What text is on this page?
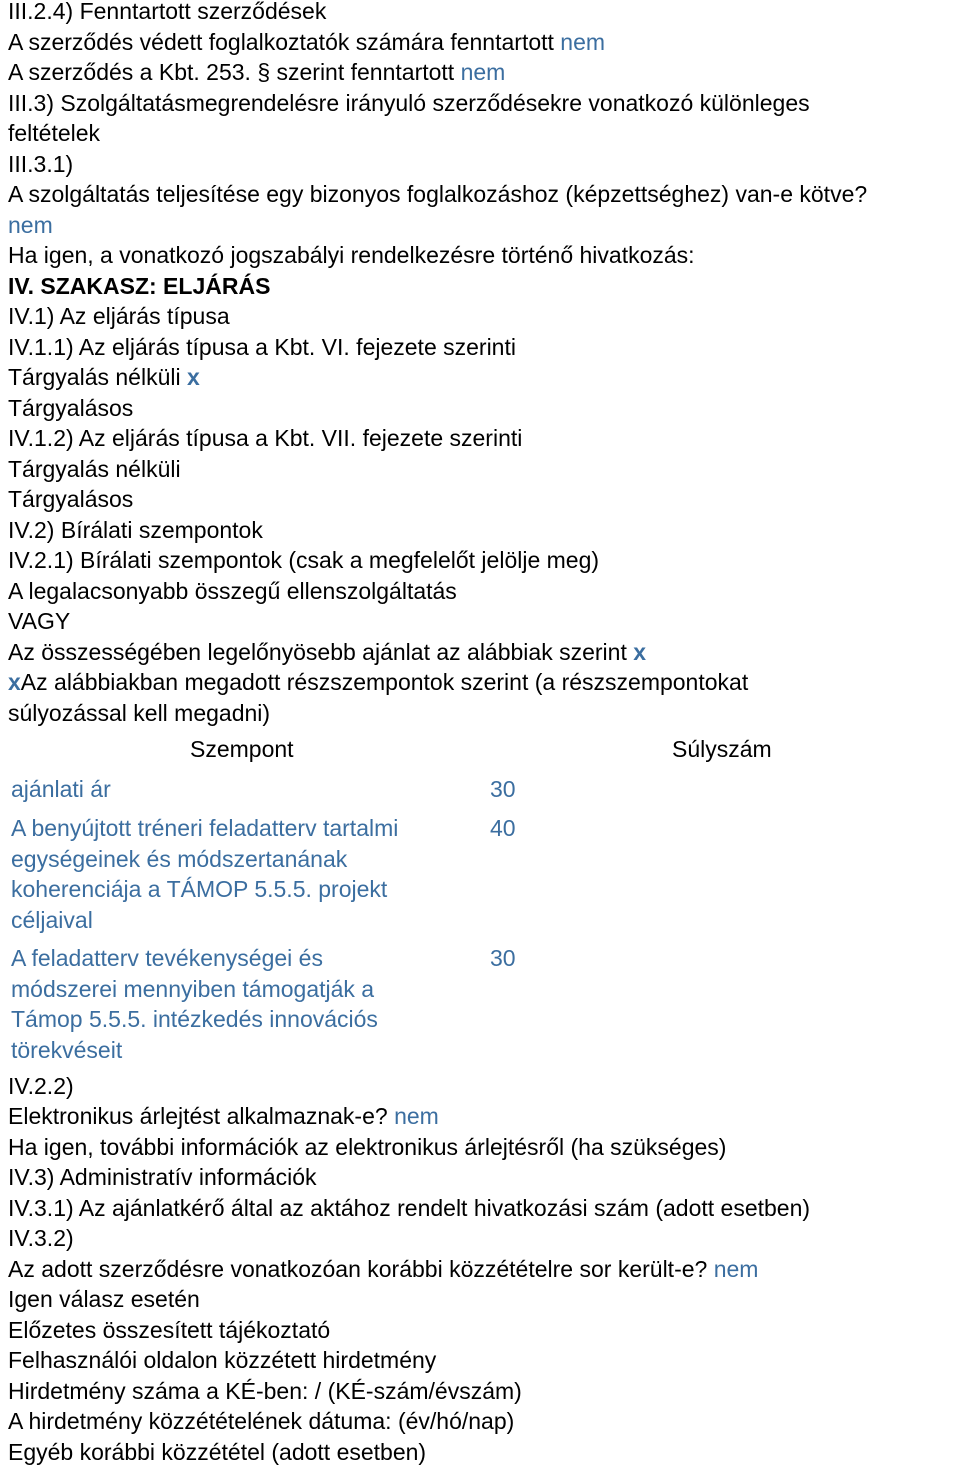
III.2.4) Fenntartott szerződések
A szerződés védett foglalkoztatók számára fenntartott nem
A szerződés a Kbt. 253. § szerint fenntartott nem
III.3) Szolgáltatásmegrendelésre irányuló szerződésekre vonatkozó különleges
feltételek
III.3.1)
A szolgáltatás teljesítése egy bizonyos foglalkozáshoz (képzettséghez) van-e kötve?
nem
Ha igen, a vonatkozó jogszabályi rendelkezésre történő hivatkozás:
IV. SZAKASZ: ELJÁRÁS
IV.1) Az eljárás típusa
IV.1.1) Az eljárás típusa a Kbt. VI. fejezete szerinti
Tárgyalás nélküli x
Tárgyalásos
IV.1.2) Az eljárás típusa a Kbt. VII. fejezete szerinti
Tárgyalás nélküli
Tárgyalásos
IV.2) Bírálati szempontok
IV.2.1) Bírálati szempontok (csak a megfelelőt jelölje meg)
A legalacsonyabb összegű ellenszolgáltatás
VAGY
Az összességében legelőnyösebb ajánlat az alábbiak szerint x
xAz alábbiakban megadott részszempontok szerint (a részszempontokat
súlyozással kell megadni)
Szempont	Súlyszám
ajánlati ár	30
A benyújtott tréneri feladatterv tartalmi
egységeinek és módszertanának
koherenciája a TÁMOP 5.5.5. projekt
céljaival
40
A feladatterv tevékenységei és
módszerei mennyiben támogatják a
Támop 5.5.5. intézkedés innovációs
törekvéseit
30
IV.2.2)
Elektronikus árlejtést alkalmaznak-e? nem
Ha igen, további információk az elektronikus árlejtésről (ha szükséges)
IV.3) Administratív információk
IV.3.1) Az ajánlatkérő által az aktához rendelt hivatkozási szám (adott esetben)
IV.3.2)
Az adott szerződésre vonatkozóan korábbi közzétételre sor került-e? nem
Igen válasz esetén
Előzetes összesített tájékoztató
Felhasználói oldalon közzétett hirdetmény
Hirdetmény száma a KÉ-ben: / (KÉ-szám/évszám)
A hirdetmény közzétételének dátuma: (év/hó/nap)
Egyéb korábbi közzététel (adott esetben)
